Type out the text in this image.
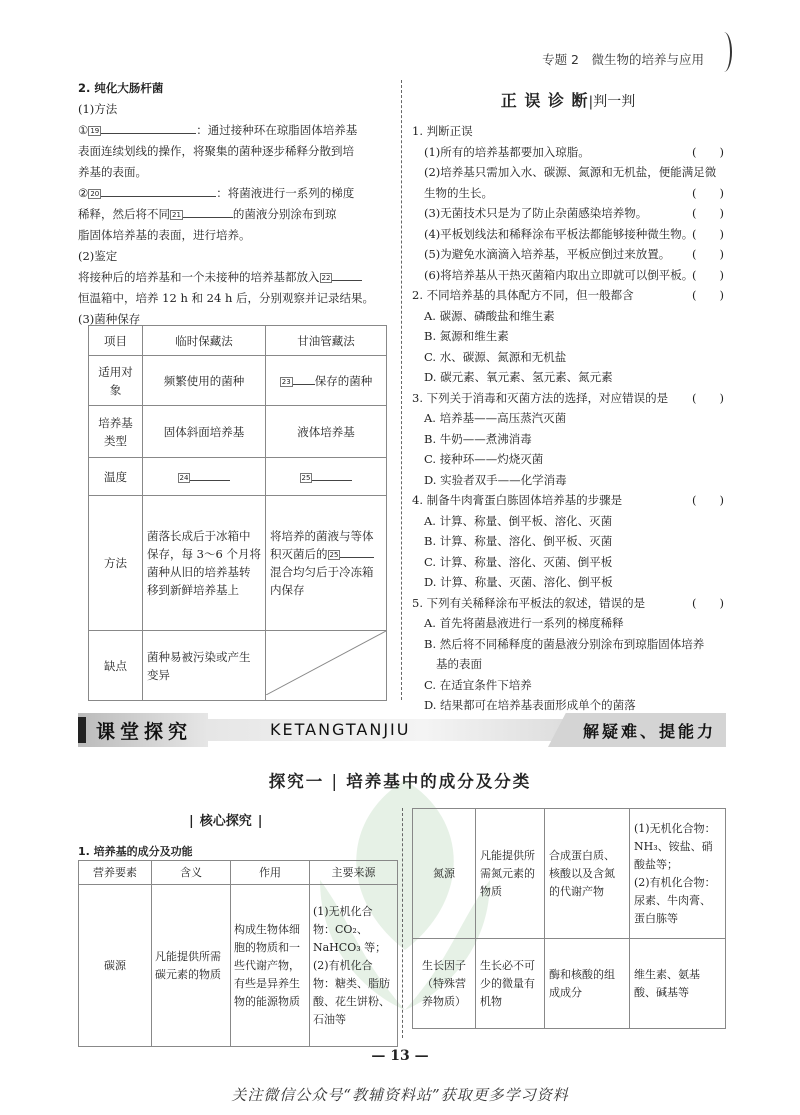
专题 2　微生物的培养与应用
2. 纯化大肠杆菌
(1)方法
① 19	：通过接种环在琼脂固体培养基
表面连续划线的操作，将聚集的菌种逐步稀释分散到培
养基的表面。
② 20	：将菌液进行一系列的梯度
稀释，然后将不同 21	的菌液分别涂布到琼
脂固体培养基的表面，进行培养。
(2)鉴定
将接种后的培养基和一个未接种的培养基都放入 22
恒温箱中，培养 12 h 和 24 h 后，分别观察并记录结果。
(3)菌种保存
项目	临时保藏法	甘油管藏法
适用对象	频繁使用的菌种	23 保存的菌种
培养基类型	固体斜面培养基	液体培养基
温度	24	25
方法	菌落长成后于冰箱中保存，每 3～6 个月将菌种从旧的培养基转移到新鲜培养基上	将培养的菌液与等体积灭菌后的 25
混合均匀后于冷冻箱内保存
缺点	菌种易被污染或产生变异	
正 误 诊 断|判一判
1. 判断正误
(1)所有的培养基都要加入琼脂。	(　　)
(2)培养基只需加入水、碳源、氮源和无机盐，便能满足微
生物的生长。	(　　)
(3)无菌技术只是为了防止杂菌感染培养物。	(　　)
(4)平板划线法和稀释涂布平板法都能够接种微生物。
(　　)
(5)为避免水滴滴入培养基，平板应倒过来放置。 (　　)
(6)将培养基从干热灭菌箱内取出立即就可以倒平板。
(　　)
2. 不同培养基的具体配方不同，但一般都含	(　　)
A. 碳源、磷酸盐和维生素
B. 氮源和维生素
C. 水、碳源、氮源和无机盐
D. 碳元素、氧元素、氢元素、氮元素
3. 下列关于消毒和灭菌方法的选择，对应错误的是 (　　)
A. 培养基——高压蒸汽灭菌
B. 牛奶——煮沸消毒
C. 接种环——灼烧灭菌
D. 实验者双手——化学消毒
4. 制备牛肉膏蛋白胨固体培养基的步骤是	(　　)
A. 计算、称量、倒平板、溶化、灭菌
B. 计算、称量、溶化、倒平板、灭菌
C. 计算、称量、溶化、灭菌、倒平板
D. 计算、称量、灭菌、溶化、倒平板
5. 下列有关稀释涂布平板法的叙述，错误的是	(　　)
A. 首先将菌悬液进行一系列的梯度稀释
B. 然后将不同稀释度的菌悬液分别涂布到琼脂固体培养
基的表面
C. 在适宜条件下培养
D. 结果都可在培养基表面形成单个的菌落
课堂探究	KETANGTANJIU	解疑难、提能力
探究一 | 培养基中的成分及分类
| 核心探究 |
1. 培养基的成分及功能
营养要素	含义	作用	主要来源
碳源	凡能提供所需碳元素的物质	构成生物体细胞的物质和一些代谢产物，有些是异养生物的能源物质	(1)无机化合物：CO₂、NaHCO₃ 等；
(2)有机化合物：糖类、脂肪酸、花生饼粉、石油等
氮源	凡能提供所需氮元素的物质	合成蛋白质、核酸以及含氮的代谢产物	(1)无机化合物：NH₃、铵盐、硝酸盐等；
(2)有机化合物：尿素、牛肉膏、蛋白胨等
生长因子（特殊营养物质）	生长必不可少的微量有机物	酶和核酸的组成成分	维生素、氨基酸、碱基等
— 13 —
关注微信公众号“教辅资料站”获取更多学习资料
